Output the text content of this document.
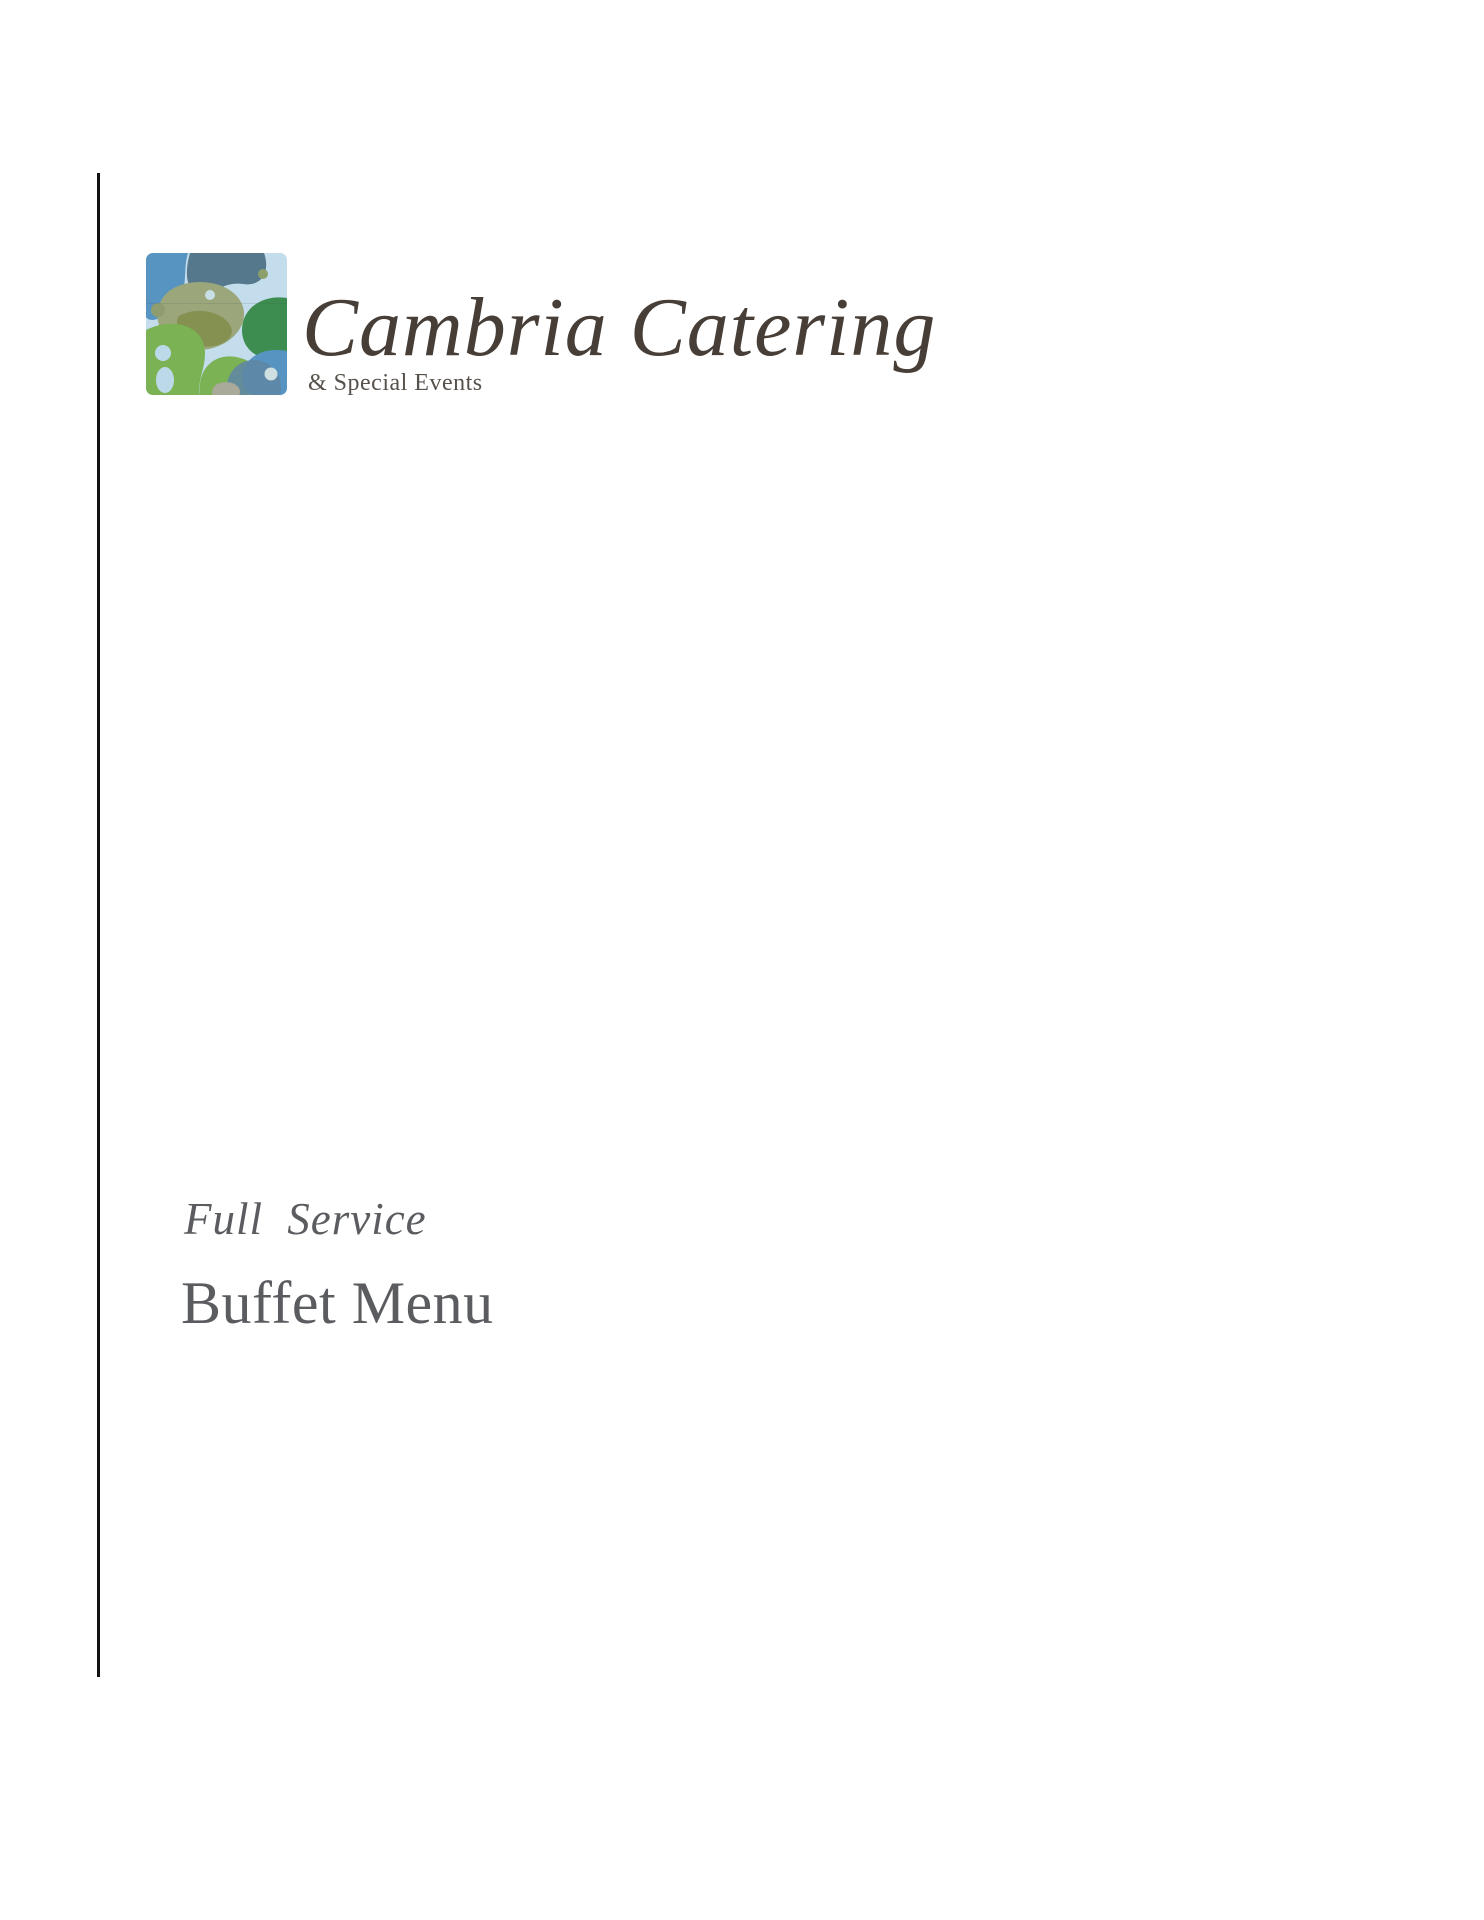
Cambria Catering
& Special Events
Full Service
Buffet Menu
